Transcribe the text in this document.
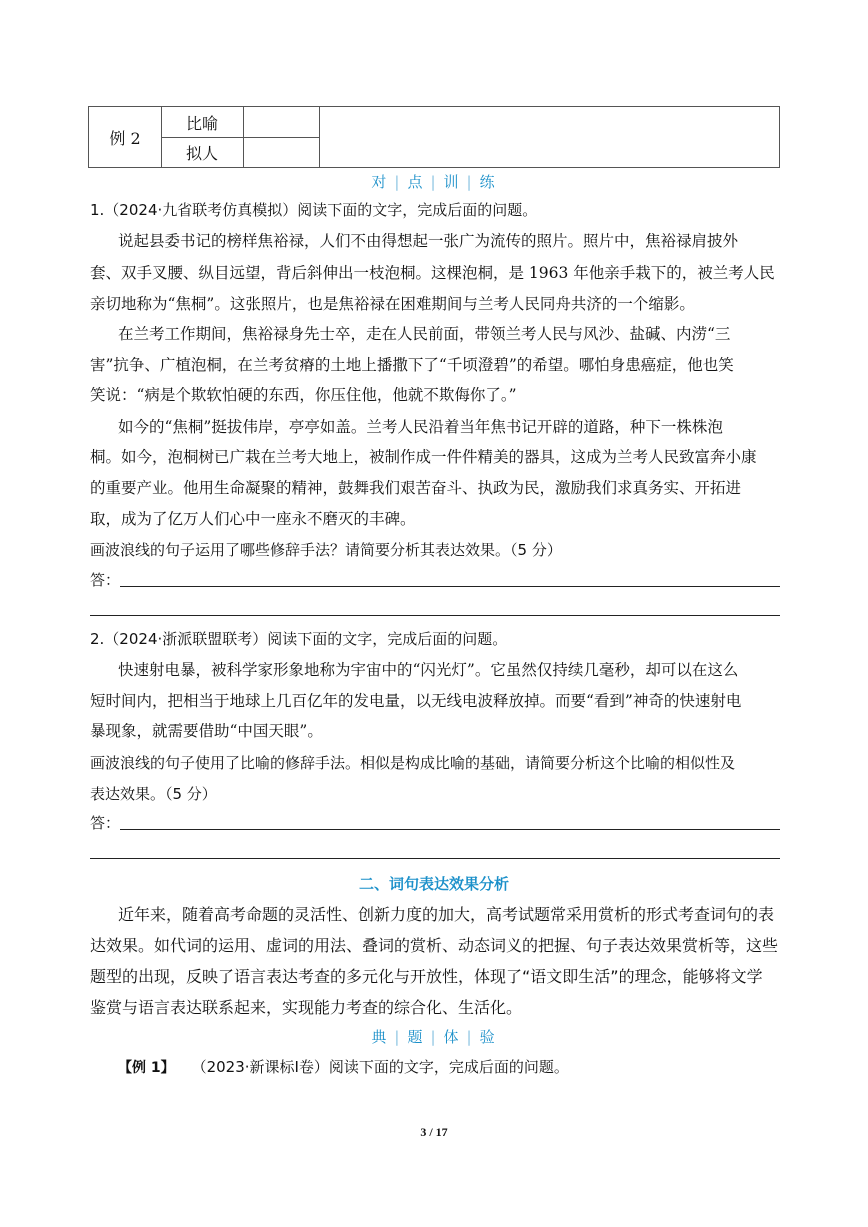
例 2
比喻
拟人
对 | 点 | 训 | 练
1.（2024·九省联考仿真模拟）阅读下面的文字，完成后面的问题。
说起县委书记的榜样焦裕禄，人们不由得想起一张广为流传的照片。照片中，焦裕禄肩披外
套、双手叉腰、纵目远望，背后斜伸出一枝泡桐。这棵泡桐，是 1963 年他亲手栽下的，被兰考人民
亲切地称为“焦桐”。这张照片，也是焦裕禄在困难期间与兰考人民同舟共济的一个缩影。
在兰考工作期间，焦裕禄身先士卒，走在人民前面，带领兰考人民与风沙、盐碱、内涝“三
害”抗争、广植泡桐，在兰考贫瘠的土地上播撒下了“千顷澄碧”的希望。哪怕身患癌症，他也笑
笑说：“病是个欺软怕硬的东西，你压住他，他就不欺侮你了。”
如今的“焦桐”挺拔伟岸，亭亭如盖。兰考人民沿着当年焦书记开辟的道路，种下一株株泡
桐。如今，泡桐树已广栽在兰考大地上，被制作成一件件精美的器具，这成为兰考人民致富奔小康
的重要产业。他用生命凝聚的精神，鼓舞我们艰苦奋斗、执政为民，激励我们求真务实、开拓进
取，成为了亿万人们心中一座永不磨灭的丰碑。
画波浪线的句子运用了哪些修辞手法？请简要分析其表达效果。（5 分）
答：
2.（2024·浙派联盟联考）阅读下面的文字，完成后面的问题。
快速射电暴，被科学家形象地称为宇宙中的“闪光灯”。它虽然仅持续几毫秒，却可以在这么
短时间内，把相当于地球上几百亿年的发电量，以无线电波释放掉。而要“看到”神奇的快速射电
暴现象，就需要借助“中国天眼”。
画波浪线的句子使用了比喻的修辞手法。相似是构成比喻的基础，请简要分析这个比喻的相似性及
表达效果。（5 分）
答：
二、词句表达效果分析
近年来，随着高考命题的灵活性、创新力度的加大，高考试题常采用赏析的形式考查词句的表
达效果。如代词的运用、虚词的用法、叠词的赏析、动态词义的把握、句子表达效果赏析等，这些
题型的出现，反映了语言表达考查的多元化与开放性，体现了“语文即生活”的理念，能够将文学
鉴赏与语言表达联系起来，实现能力考查的综合化、生活化。
典 | 题 | 体 | 验
【例 1】 （2023·新课标Ⅰ卷）阅读下面的文字，完成后面的问题。
3 / 17
